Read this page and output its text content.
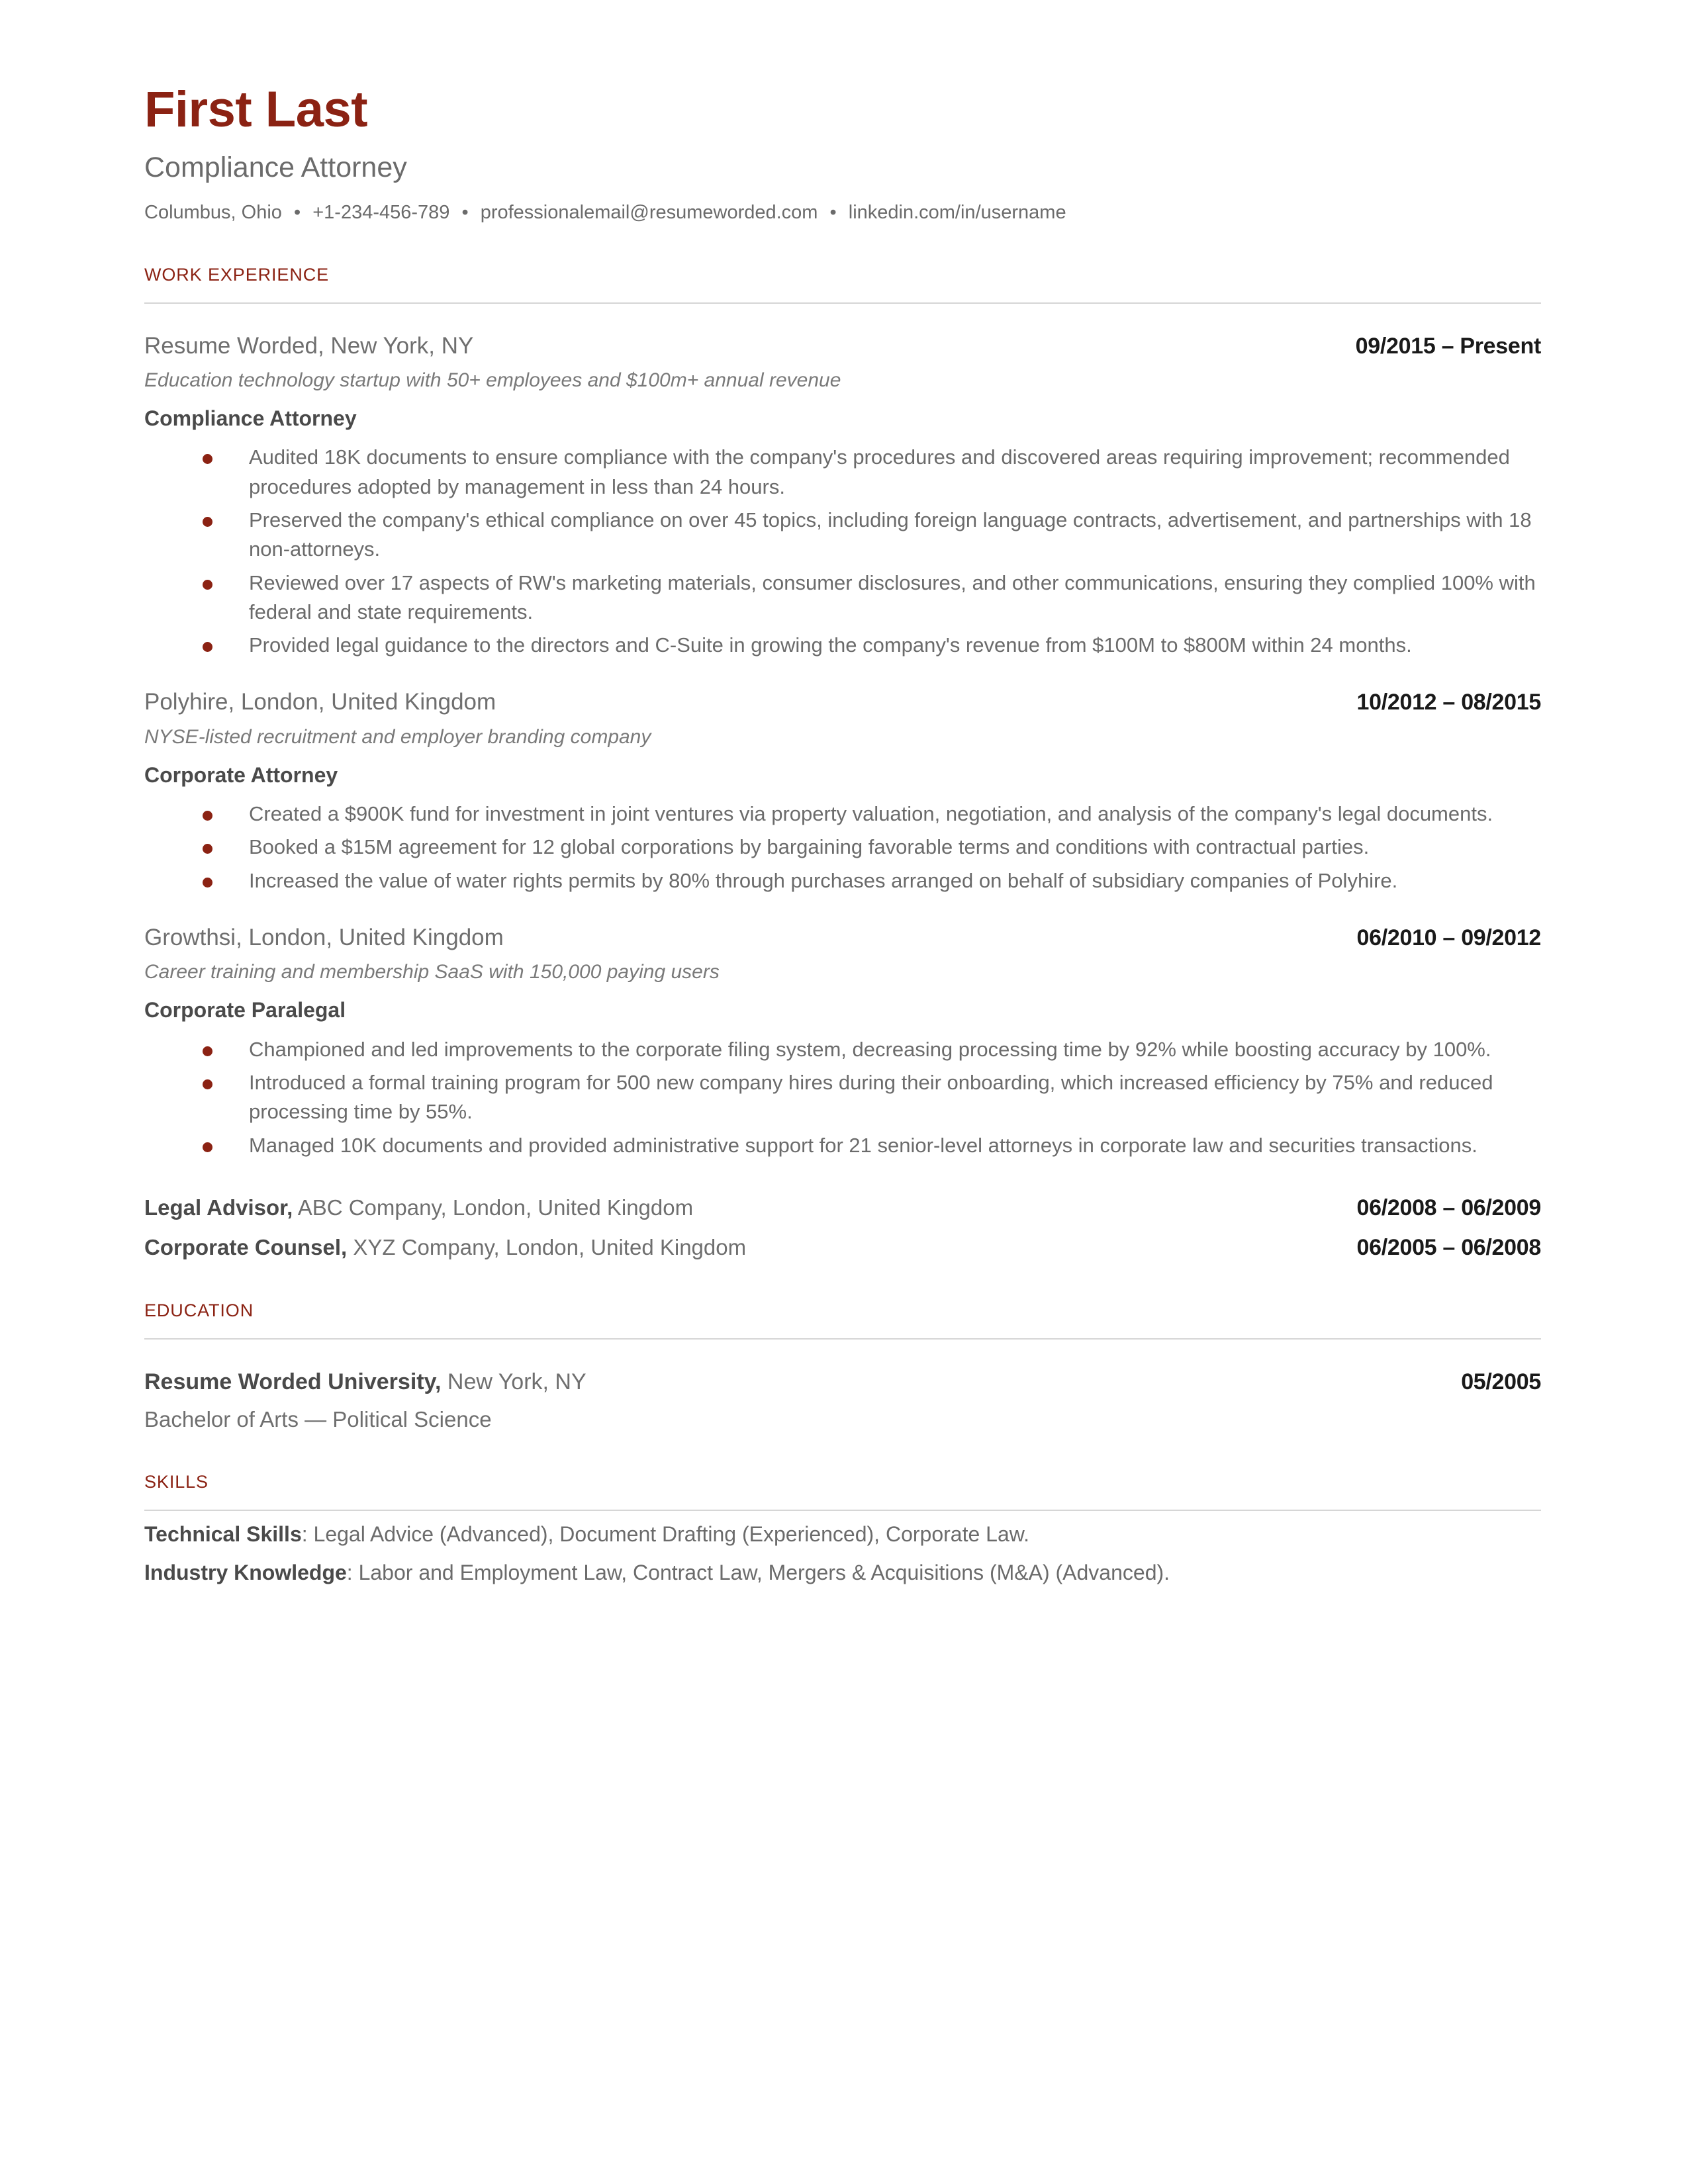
First Last
Compliance Attorney
Columbus, Ohio • +1-234-456-789 • professionalemail@resumeworded.com • linkedin.com/in/username
WORK EXPERIENCE
Resume Worded, New York, NY	09/2015 – Present
Education technology startup with 50+ employees and $100m+ annual revenue
Compliance Attorney
Audited 18K documents to ensure compliance with the company's procedures and discovered areas requiring improvement; recommended procedures adopted by management in less than 24 hours.
Preserved the company's ethical compliance on over 45 topics, including foreign language contracts, advertisement, and partnerships with 18 non-attorneys.
Reviewed over 17 aspects of RW's marketing materials, consumer disclosures, and other communications, ensuring they complied 100% with federal and state requirements.
Provided legal guidance to the directors and C-Suite in growing the company's revenue from $100M to $800M within 24 months.
Polyhire, London, United Kingdom	10/2012 – 08/2015
NYSE-listed recruitment and employer branding company
Corporate Attorney
Created a $900K fund for investment in joint ventures via property valuation, negotiation, and analysis of the company's legal documents.
Booked a $15M agreement for 12 global corporations by bargaining favorable terms and conditions with contractual parties.
Increased the value of water rights permits by 80% through purchases arranged on behalf of subsidiary companies of Polyhire.
Growthsi, London, United Kingdom	06/2010 – 09/2012
Career training and membership SaaS with 150,000 paying users
Corporate Paralegal
Championed and led improvements to the corporate filing system, decreasing processing time by 92% while boosting accuracy by 100%.
Introduced a formal training program for 500 new company hires during their onboarding, which increased efficiency by 75% and reduced processing time by 55%.
Managed 10K documents and provided administrative support for 21 senior-level attorneys in corporate law and securities transactions.
Legal Advisor, ABC Company, London, United Kingdom	06/2008 – 06/2009
Corporate Counsel, XYZ Company, London, United Kingdom	06/2005 – 06/2008
EDUCATION
Resume Worded University, New York, NY	05/2005
Bachelor of Arts — Political Science
SKILLS
Technical Skills: Legal Advice (Advanced), Document Drafting (Experienced), Corporate Law.
Industry Knowledge: Labor and Employment Law, Contract Law, Mergers & Acquisitions (M&A) (Advanced).
